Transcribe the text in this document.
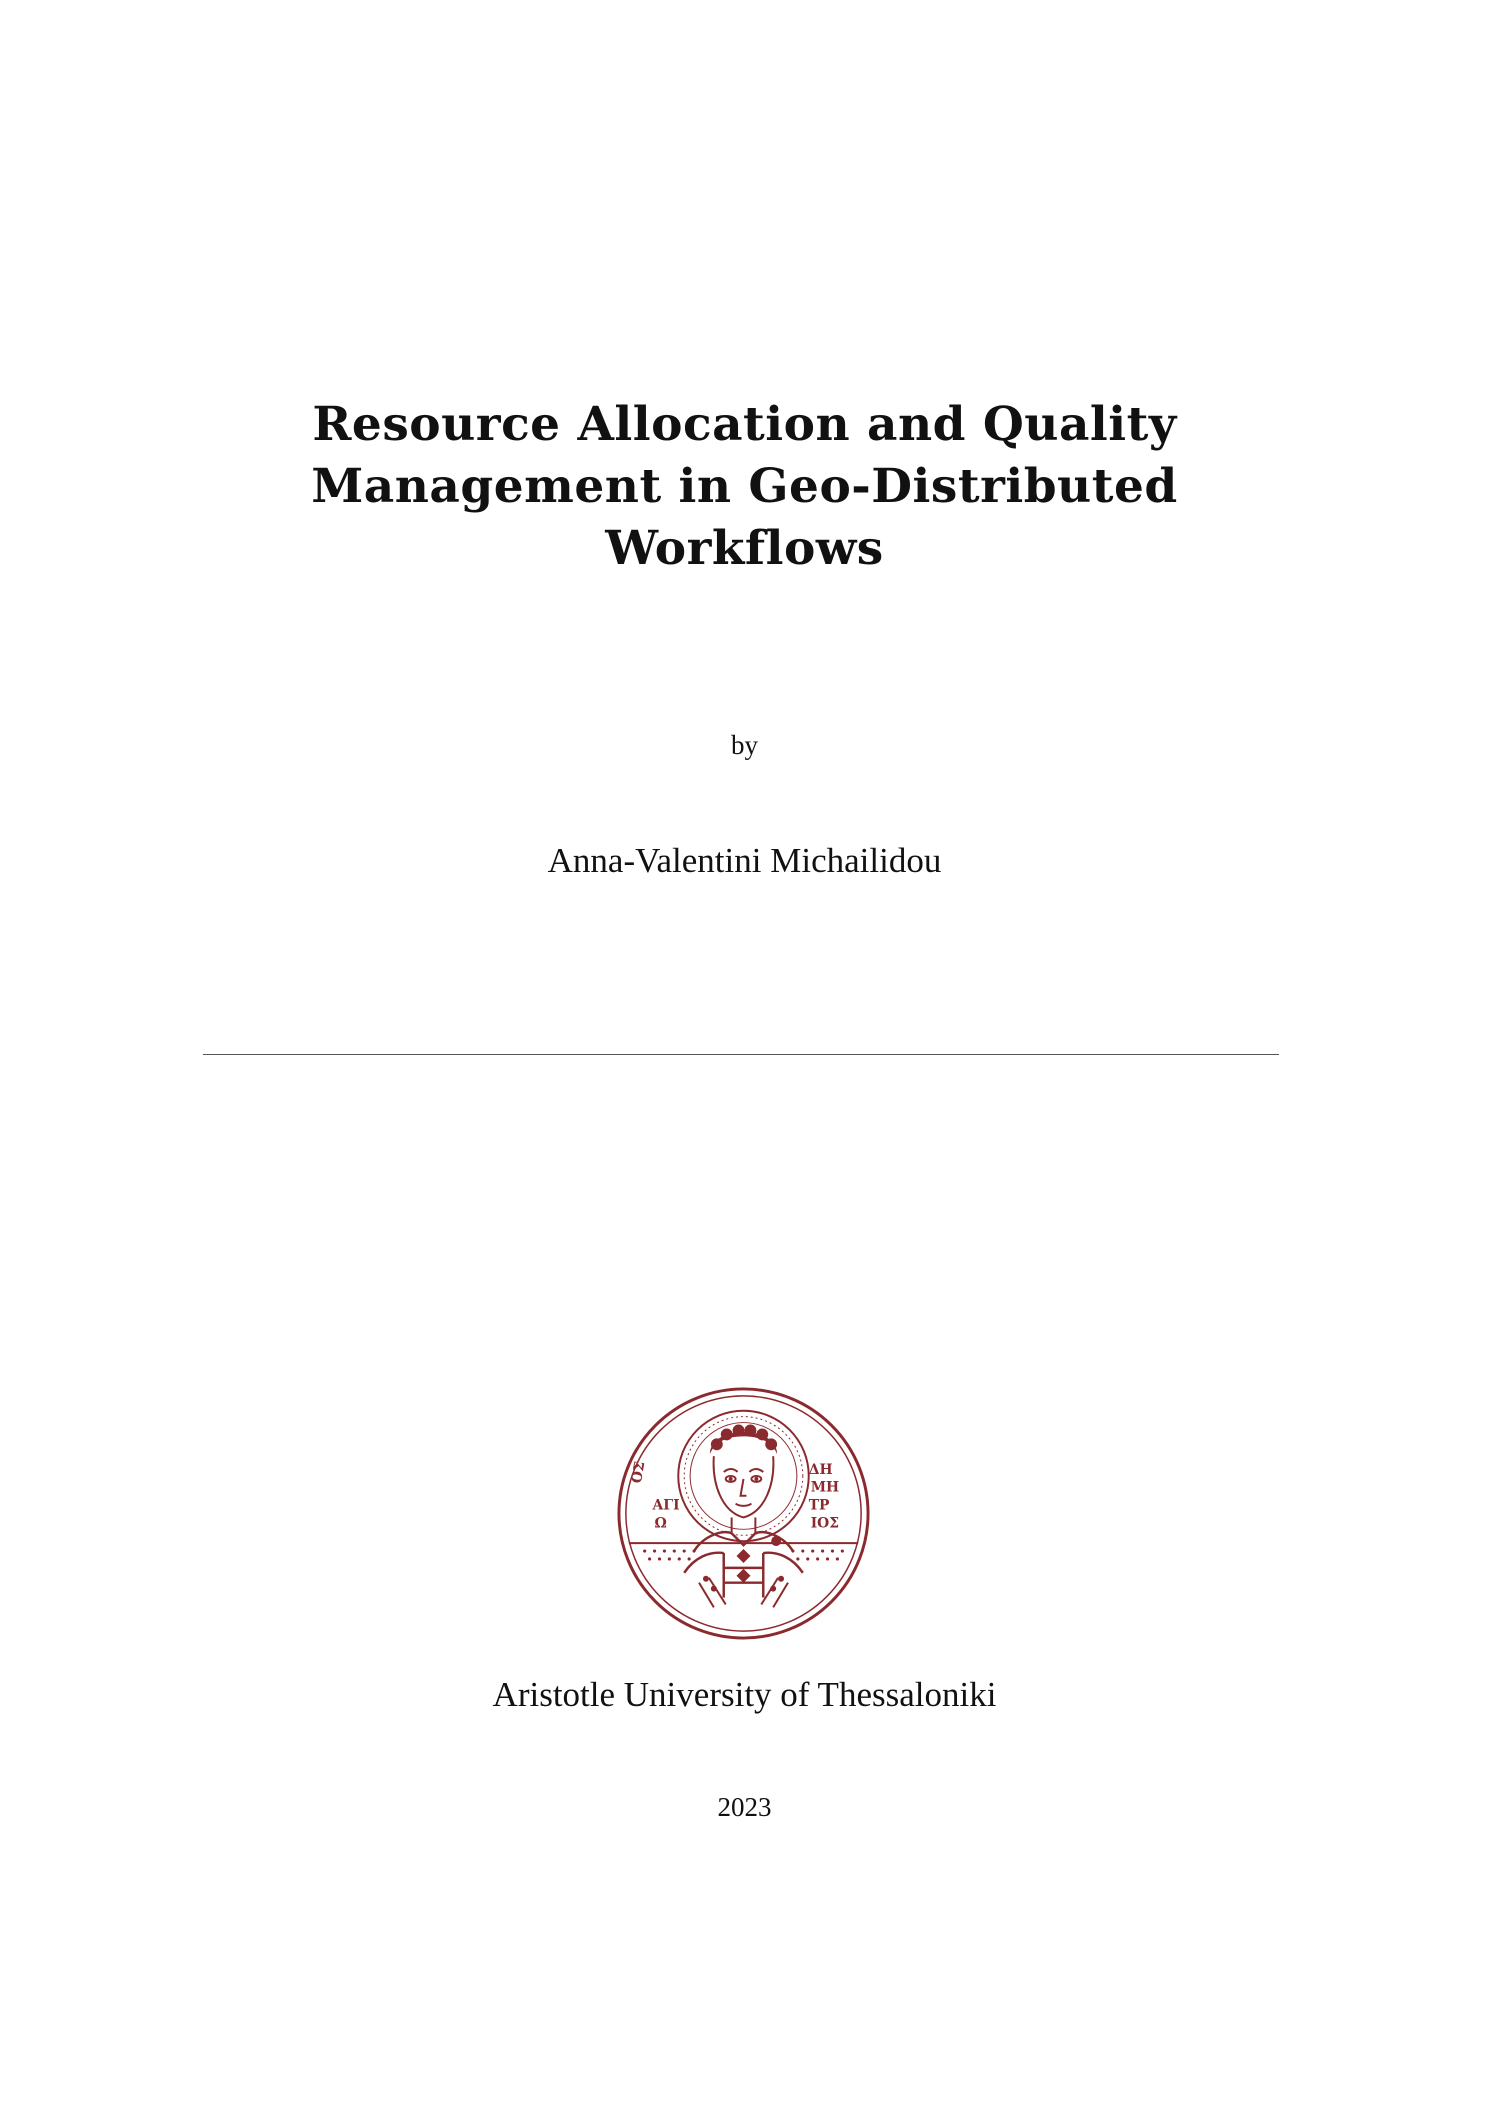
Resource Allocation and Quality
Management in Geo-Distributed
Workflows
by
Anna-Valentini Michailidou
ΟΣ
ΑΓΙ
Ω
ΔΗ
ΜΗ
ΤΡ
ΙΟΣ
Aristotle University of Thessaloniki
2023
